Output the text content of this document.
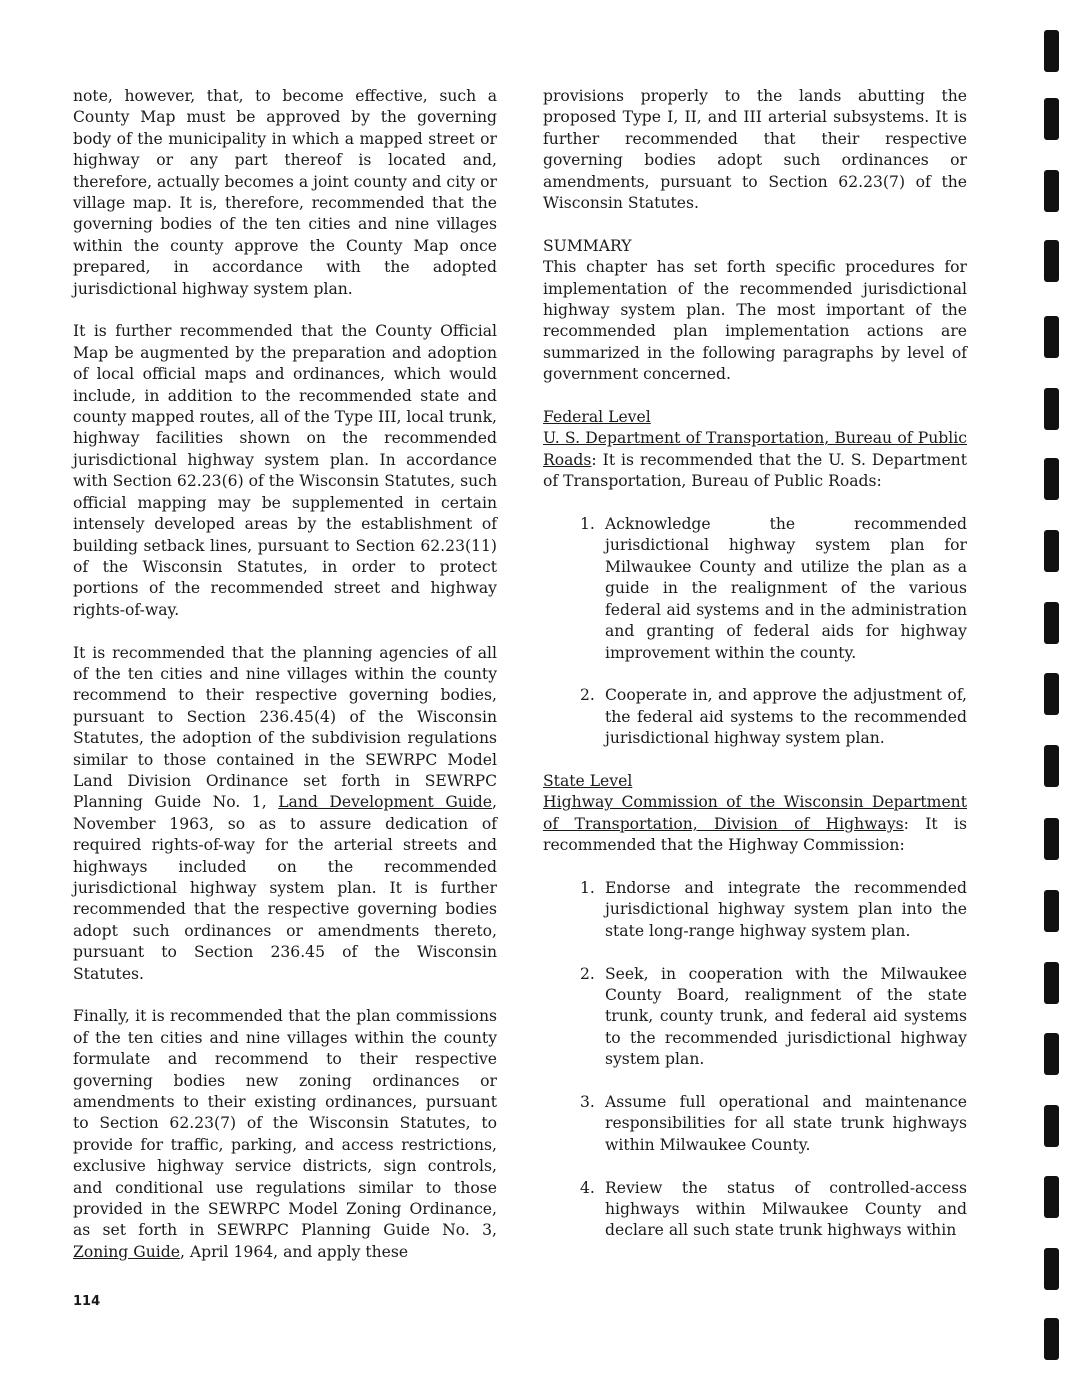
note, however, that, to become effective, such a County Map must be approved by the governing body of the municipality in which a mapped street or highway or any part thereof is located and, therefore, actually becomes a joint county and city or village map. It is, therefore, recommended that the governing bodies of the ten cities and nine villages within the county approve the County Map once prepared, in accordance with the adopted jurisdictional highway system plan.

It is further recommended that the County Official Map be augmented by the preparation and adoption of local official maps and ordinances, which would include, in addition to the recommended state and county mapped routes, all of the Type III, local trunk, highway facilities shown on the recommended jurisdictional highway system plan. In accordance with Section 62.23(6) of the Wisconsin Statutes, such official mapping may be supplemented in certain intensely developed areas by the establishment of building setback lines, pursuant to Section 62.23(11) of the Wisconsin Statutes, in order to protect portions of the recommended street and highway rights-of-way.

It is recommended that the planning agencies of all of the ten cities and nine villages within the county recommend to their respective governing bodies, pursuant to Section 236.45(4) of the Wisconsin Statutes, the adoption of the subdivision regulations similar to those contained in the SEWRPC Model Land Division Ordinance set forth in SEWRPC Planning Guide No. 1, Land Development Guide, November 1963, so as to assure dedication of required rights-of-way for the arterial streets and highways included on the recommended jurisdictional highway system plan. It is further recommended that the respective governing bodies adopt such ordinances or amendments thereto, pursuant to Section 236.45 of the Wisconsin Statutes.

Finally, it is recommended that the plan commissions of the ten cities and nine villages within the county formulate and recommend to their respective governing bodies new zoning ordinances or amendments to their existing ordinances, pursuant to Section 62.23(7) of the Wisconsin Statutes, to provide for traffic, parking, and access restrictions, exclusive highway service districts, sign controls, and conditional use regulations similar to those provided in the SEWRPC Model Zoning Ordinance, as set forth in SEWRPC Planning Guide No. 3, Zoning Guide, April 1964, and apply these

provisions properly to the lands abutting the proposed Type I, II, and III arterial subsystems. It is further recommended that their respective governing bodies adopt such ordinances or amendments, pursuant to Section 62.23(7) of the Wisconsin Statutes.

SUMMARY

This chapter has set forth specific procedures for implementation of the recommended jurisdictional highway system plan. The most important of the recommended plan implementation actions are summarized in the following paragraphs by level of government concerned.

Federal Level

U. S. Department of Transportation, Bureau of Public Roads: It is recommended that the U. S. Department of Transportation, Bureau of Public Roads:

1. Acknowledge the recommended jurisdictional highway system plan for Milwaukee County and utilize the plan as a guide in the realignment of the various federal aid systems and in the administration and granting of federal aids for highway improvement within the county.
2. Cooperate in, and approve the adjustment of, the federal aid systems to the recommended jurisdictional highway system plan.
State Level

Highway Commission of the Wisconsin Department of Transportation, Division of Highways: It is recommended that the Highway Commission:

1. Endorse and integrate the recommended jurisdictional highway system plan into the state long-range highway system plan.
2. Seek, in cooperation with the Milwaukee County Board, realignment of the state trunk, county trunk, and federal aid systems to the recommended jurisdictional highway system plan.
3. Assume full operational and maintenance responsibilities for all state trunk highways within Milwaukee County.
4. Review the status of controlled-access highways within Milwaukee County and declare all such state trunk highways within
114
